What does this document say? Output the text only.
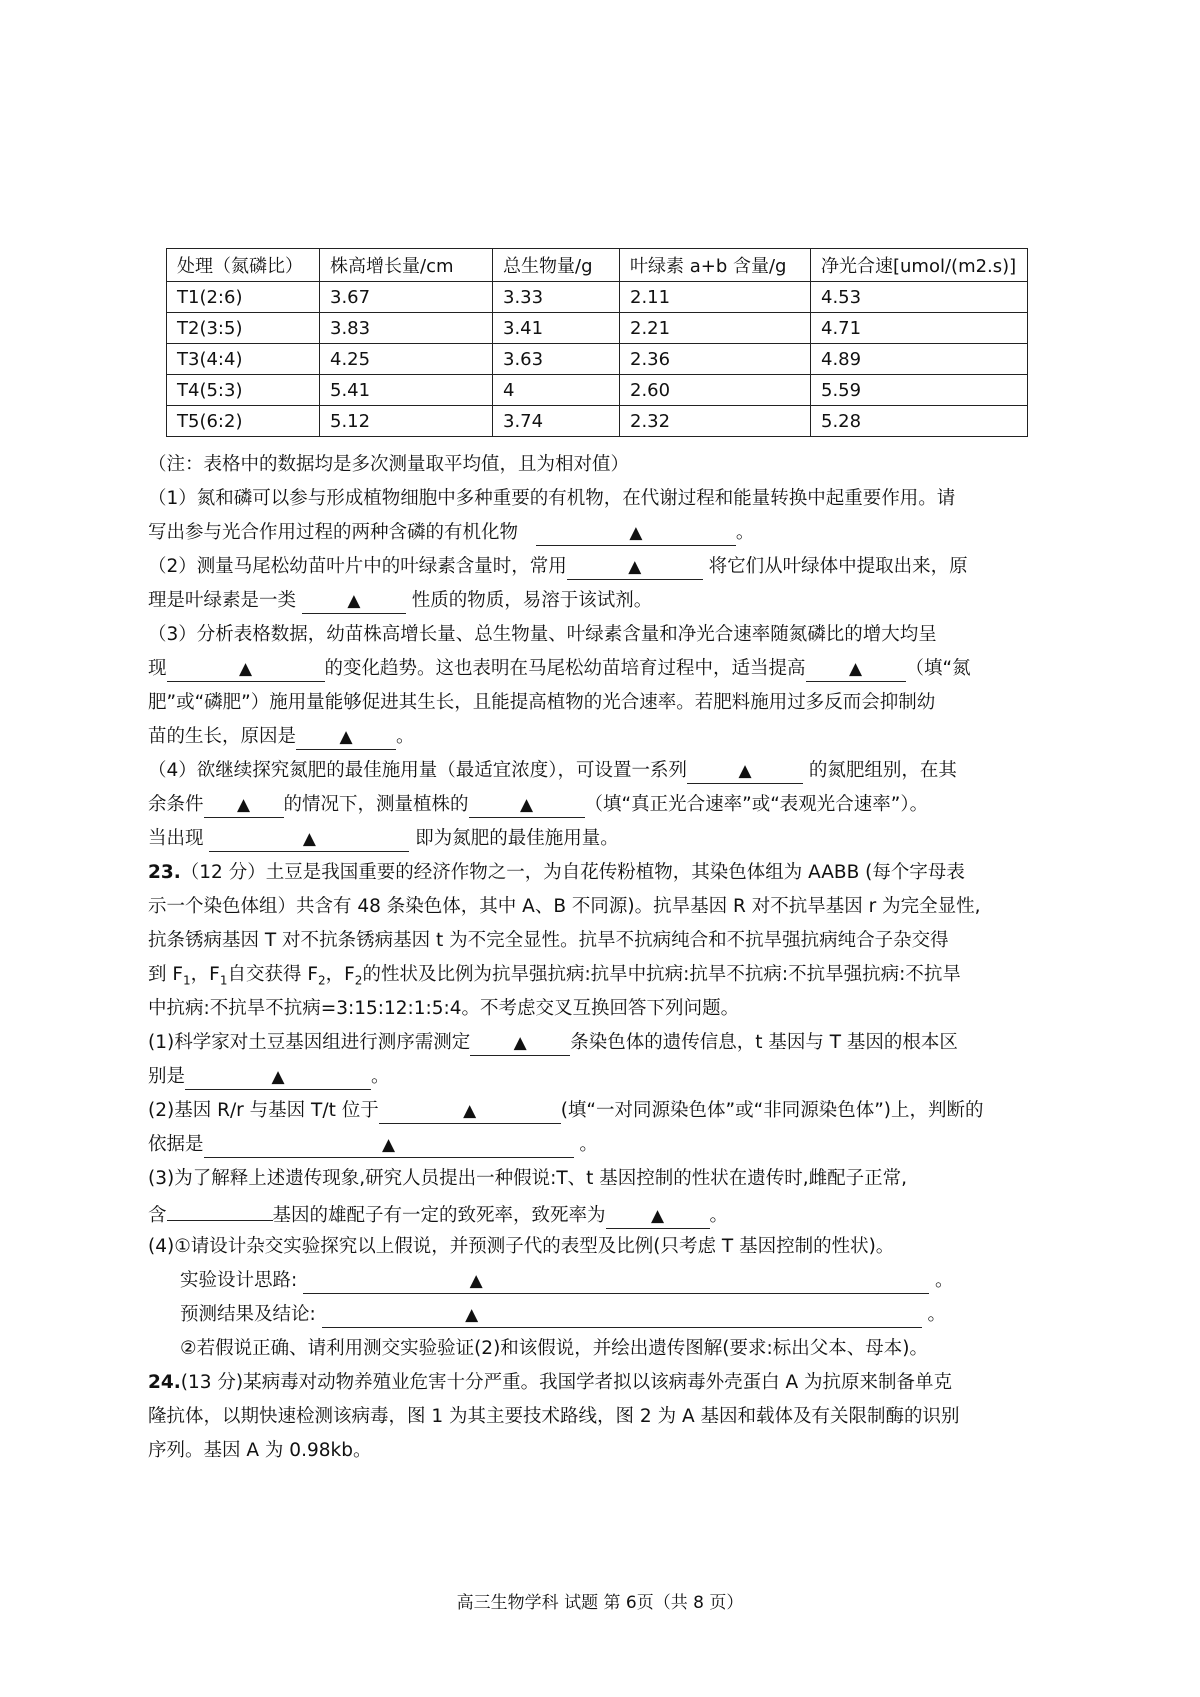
处理（氮磷比）	株高增长量/cm	总生物量/g	叶绿素 a+b 含量/g	净光合速[umol/(m2.s)]
T1(2:6)	3.67	3.33	2.11	4.53
T2(3:5)	3.83	3.41	2.21	4.71
T3(4:4)	4.25	3.63	2.36	4.89
T4(5:3)	5.41	4	2.60	5.59
T5(6:2)	5.12	3.74	2.32	5.28
（注：表格中的数据均是多次测量取平均值，且为相对值）
（1）氮和磷可以参与形成植物细胞中多种重要的有机物，在代谢过程和能量转换中起重要作用。请
写出参与光合作用过程的两种含磷的有机化物	▲	。
（2）测量马尾松幼苗叶片中的叶绿素含量时，常用	▲	将它们从叶绿体中提取出来，原
理是叶绿素是一类	▲	性质的物质，易溶于该试剂。
（3）分析表格数据，幼苗株高增长量、总生物量、叶绿素含量和净光合速率随氮磷比的增大均呈
现	▲	的变化趋势。这也表明在马尾松幼苗培育过程中，适当提高	▲ （填“氮
肥”或“磷肥”）施用量能够促进其生长，且能提高植物的光合速率。若肥料施用过多反而会抑制幼
苗的生长，原因是	▲ 。
（4）欲继续探究氮肥的最佳施用量（最适宜浓度），可设置一系列	▲	的氮肥组别，在其
余条件 ▲ 的情况下，测量植株的	▲	（填“真正光合速率”或“表观光合速率”）。
当出现	▲	即为氮肥的最佳施用量。
23.（12 分）土豆是我国重要的经济作物之一，为自花传粉植物，其染色体组为 AABB (每个字母表
示一个染色体组）共含有 48 条染色体，其中 A、B 不同源)。抗旱基因 R 对不抗旱基因 r 为完全显性,
抗条锈病基因 T 对不抗条锈病基因 t 为不完全显性。抗旱不抗病纯合和不抗旱强抗病纯合子杂交得
到 $F_1$，$F_1$自交获得 $F_2$，$F_2$的性状及比例为抗旱强抗病:抗旱中抗病:抗旱不抗病:不抗旱强抗病:不抗旱
中抗病:不抗旱不抗病=3:15:12:1:5:4。不考虑交叉互换回答下列问题。
(1)科学家对土豆基因组进行测序需测定	▲ 条染色体的遗传信息，t 基因与 T 基因的根本区
别是	▲	。
(2)基因 R/r 与基因 T/t 位于	▲	(填“一对同源染色体”或“非同源染色体”)上，判断的
依据是	▲	。
(3)为了解释上述遗传现象,研究人员提出一种假说:T、t 基因控制的性状在遗传时,雌配子正常,
含	基因的雄配子有一定的致死率，致死率为	▲ 。
(4)①请设计杂交实验探究以上假说，并预测子代的表型及比例(只考虑 T 基因控制的性状)。
实验设计思路:	▲	。
预测结果及结论:	▲	。
②若假说正确、请利用测交实验验证(2)和该假说，并绘出遗传图解(要求:标出父本、母本)。
24.(13 分)某病毒对动物养殖业危害十分严重。我国学者拟以该病毒外壳蛋白 A 为抗原来制备单克
隆抗体，以期快速检测该病毒，图 1 为其主要技术路线，图 2 为 A 基因和载体及有关限制酶的识别
序列。基因 A 为 0.98kb。
高三生物学科 试题 第 6页（共 8 页）
